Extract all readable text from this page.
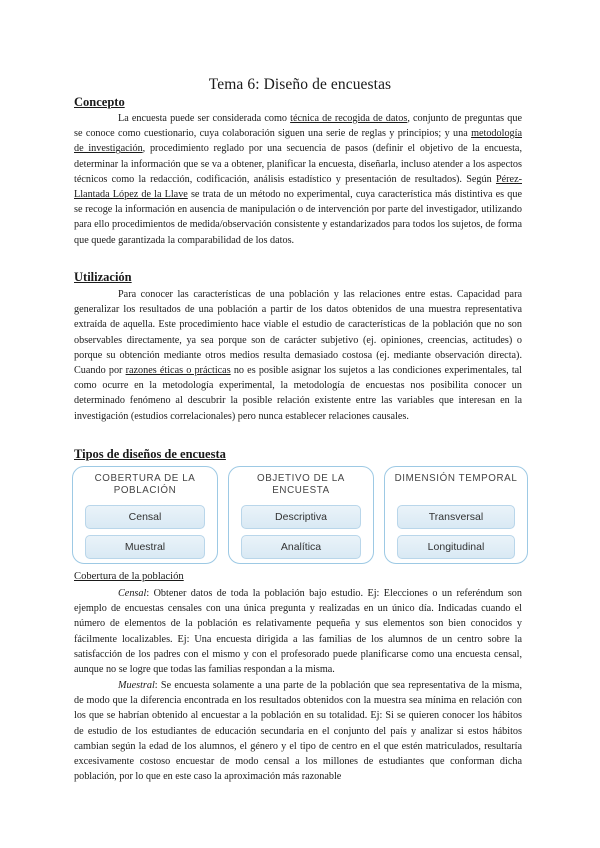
Tema 6: Diseño de encuestas
Concepto

La encuesta puede ser considerada como técnica de recogida de datos, conjunto de preguntas que se conoce como cuestionario, cuya colaboración siguen una serie de reglas y principios; y una metodología de investigación, procedimiento reglado por una secuencia de pasos (definir el objetivo de la encuesta, determinar la información que se va a obtener, planificar la encuesta, diseñarla, incluso atender a los aspectos técnicos como la redacción, codificación, análisis estadístico y presentación de resultados). Según Pérez-Llantada López de la Llave se trata de un método no experimental, cuya característica más distintiva es que se recoge la información en ausencia de manipulación o de intervención por parte del investigador, utilizando para ello procedimientos de medida/observación consistente y estandarizados para todos los sujetos, de forma que quede garantizada la comparabilidad de los datos.

Utilización

Para conocer las características de una población y las relaciones entre estas. Capacidad para generalizar los resultados de una población a partir de los datos obtenidos de una muestra representativa extraída de aquella. Este procedimiento hace viable el estudio de características de la población que no son observables directamente, ya sea porque son de carácter subjetivo (ej. opiniones, creencias, actitudes) o porque su obtención mediante otros medios resulta demasiado costosa (ej. mediante observación directa). Cuando por razones éticas o prácticas no es posible asignar los sujetos a las condiciones experimentales, tal como ocurre en la metodología experimental, la metodología de encuestas nos posibilita conocer un determinado fenómeno al descubrir la posible relación existente entre las variables que interesan en la investigación (estudios correlacionales) pero nunca establecer relaciones causales.

Tipos de diseños de encuesta
COBERTURA DE LA POBLACIÓN
Censal
Muestral
OBJETIVO DE LA ENCUESTA
Descriptiva
Analítica
DIMENSIÓN TEMPORAL
Transversal
Longitudinal
Cobertura de la población

Censal: Obtener datos de toda la población bajo estudio. Ej: Elecciones o un referéndum son ejemplo de encuestas censales con una única pregunta y realizadas en un único día. Indicadas cuando el número de elementos de la población es relativamente pequeña y sus elementos son bien conocidos y fácilmente localizables. Ej: Una encuesta dirigida a las familias de los alumnos de un centro sobre la satisfacción de los padres con el mismo y con el profesorado puede planificarse como una encuesta censal, aunque no se logre que todas las familias respondan a la misma.

Muestral: Se encuesta solamente a una parte de la población que sea representativa de la misma, de modo que la diferencia encontrada en los resultados obtenidos con la muestra sea mínima en relación con los que se habrían obtenido al encuestar a la población en su totalidad. Ej: Si se quieren conocer los hábitos de estudio de los estudiantes de educación secundaria en el conjunto del país y analizar si estos hábitos cambian según la edad de los alumnos, el género y el tipo de centro en el que estén matriculados, resultaría excesivamente costoso encuestar de modo censal a los millones de estudiantes que conforman dicha población, por lo que en este caso la aproximación más razonable
